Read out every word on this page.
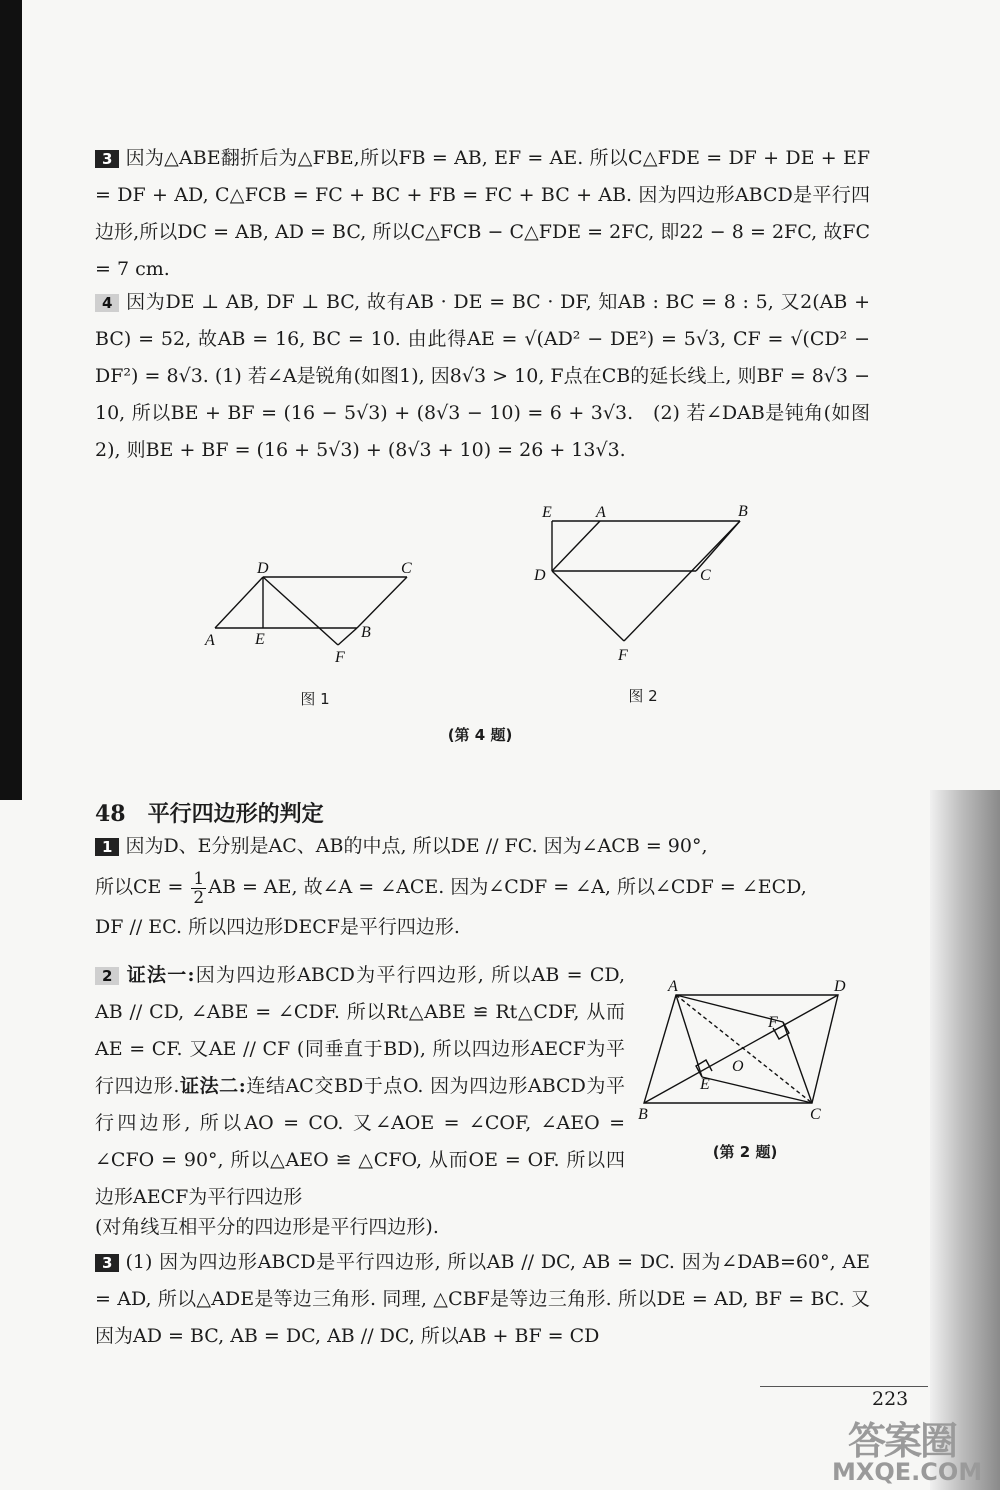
3 因为△ABE翻折后为△FBE,所以FB = AB, EF = AE. 所以C△FDE = DF + DE + EF = DF + AD, C△FCB = FC + BC + FB = FC + BC + AB. 因为四边形ABCD是平行四边形,所以DC = AB, AD = BC, 所以C△FCB − C△FDE = 2FC, 即22 − 8 = 2FC, 故FC = 7 cm.

4 因为DE ⊥ AB, DF ⊥ BC, 故有AB · DE = BC · DF, 知AB : BC = 8 : 5, 又2(AB + BC) = 52, 故AB = 16, BC = 10. 由此得AE = √(AD² − DE²) = 5√3, CF = √(CD² − DF²) = 8√3. (1) 若∠A是锐角(如图1), 因8√3 > 10, F点在CB的延长线上, 则BF = 8√3 − 10, 所以BE + BF = (16 − 5√3) + (8√3 − 10) = 6 + 3√3.　(2) 若∠DAB是钝角(如图2), 则BE + BF = (16 + 5√3) + (8√3 + 10) = 26 + 13√3.

D	C
A	E	B
F
图 1
E	A	B
D	C
F
图 2
(第 4 题)
48 平行四边形的判定
1 因为D、E分别是AC、AB的中点, 所以DE // FC. 因为∠ACB = 90°,
所以CE = $\frac{1}{2}$ AB = AE, 故∠A = ∠ACE. 因为∠CDF = ∠A, 所以∠CDF = ∠ECD,
DF // EC. 所以四边形DECF是平行四边形.

2 证法一:因为四边形ABCD为平行四边形, 所以AB = CD, AB // CD, ∠ABE = ∠CDF. 所以Rt△ABE ≌ Rt△CDF, 从而AE = CF. 又AE // CF (同垂直于BD), 所以四边形AECF为平行四边形.证法二:连结AC交BD于点O. 因为四边形ABCD为平行四边形, 所以AO = CO. 又∠AOE = ∠COF, ∠AEO = ∠CFO = 90°, 所以△AEO ≌ △CFO, 从而OE = OF. 所以四边形AECF为平行四边形

(对角线互相平分的四边形是平行四边形).

A	D
B	C
F
E
O
(第 2 题)

3 (1) 因为四边形ABCD是平行四边形, 所以AB // DC, AB = DC. 因为∠DAB=60°, AE = AD, 所以△ADE是等边三角形. 同理, △CBF是等边三角形. 所以DE = AD, BF = BC. 又因为AD = BC, AB = DC, AB // DC, 所以AB + BF = CD

223
答案圈
MXQE.COM
